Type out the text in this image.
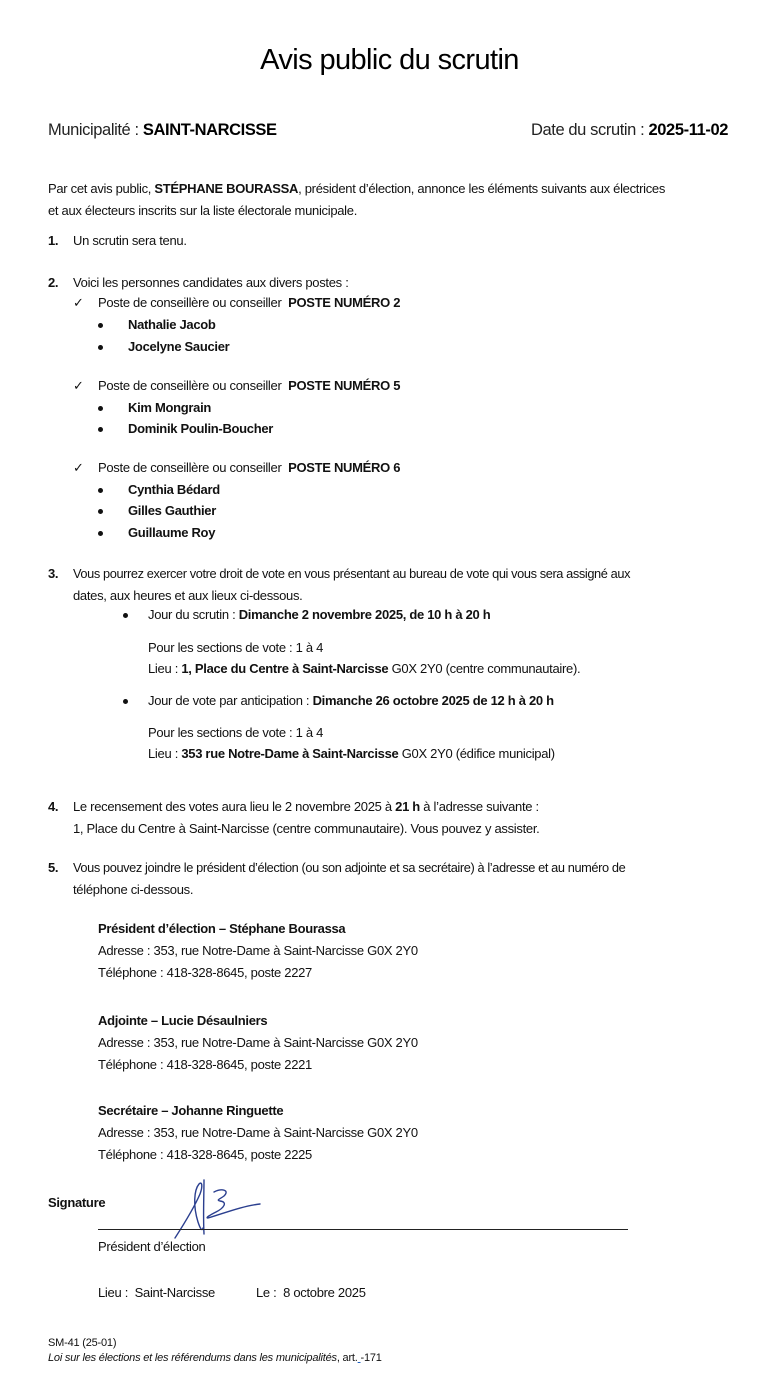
Avis public du scrutin
Municipalité : SAINT-NARCISSE	Date du scrutin : 2025-11-02
Par cet avis public, STÉPHANE BOURASSA, président d’élection, annonce les éléments suivants aux électrices
et aux électeurs inscrits sur la liste électorale municipale.
1. Un scrutin sera tenu.
2. Voici les personnes candidates aux divers postes :
✓ Poste de conseillère ou conseiller  POSTE NUMÉRO 2
Nathalie Jacob
Jocelyne Saucier
✓ Poste de conseillère ou conseiller  POSTE NUMÉRO 5
Kim Mongrain
Dominik Poulin-Boucher
✓ Poste de conseillère ou conseiller  POSTE NUMÉRO 6
Cynthia Bédard
Gilles Gauthier
Guillaume Roy
3. Vous pourrez exercer votre droit de vote en vous présentant au bureau de vote qui vous sera assigné aux
dates, aux heures et aux lieux ci-dessous.
Jour du scrutin : Dimanche 2 novembre 2025, de 10 h à 20 h
Pour les sections de vote : 1 à 4
Lieu : 1, Place du Centre à Saint-Narcisse G0X 2Y0 (centre communautaire).
Jour de vote par anticipation : Dimanche 26 octobre 2025 de 12 h à 20 h
Pour les sections de vote : 1 à 4
Lieu : 353 rue Notre-Dame à Saint-Narcisse G0X 2Y0 (édifice municipal)
4. Le recensement des votes aura lieu le 2 novembre 2025 à 21 h à l’adresse suivante :
1, Place du Centre à Saint-Narcisse (centre communautaire). Vous pouvez y assister.
5. Vous pouvez joindre le président d’élection (ou son adjointe et sa secrétaire) à l’adresse et au numéro de
téléphone ci-dessous.
Président d’élection – Stéphane Bourassa
Adresse : 353, rue Notre-Dame à Saint-Narcisse G0X 2Y0
Téléphone : 418-328-8645, poste 2227
Adjointe – Lucie Désaulniers
Adresse : 353, rue Notre-Dame à Saint-Narcisse G0X 2Y0
Téléphone : 418-328-8645, poste 2221
Secrétaire – Johanne Ringuette
Adresse : 353, rue Notre-Dame à Saint-Narcisse G0X 2Y0
Téléphone : 418-328-8645, poste 2225
Signature
Président d’élection
Lieu :  Saint-Narcisse	Le :  8 octobre 2025
SM-41 (25-01)
Loi sur les élections et les référendums dans les municipalités, art. -171
